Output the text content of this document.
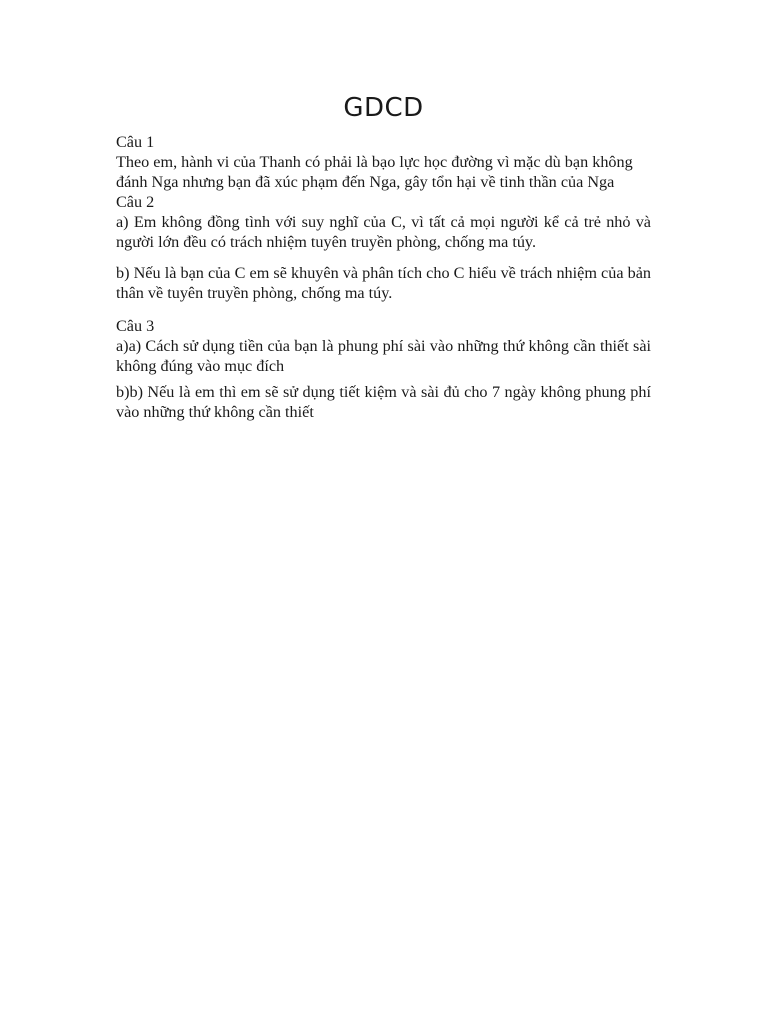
GDCD

Câu 1

Theo em, hành vi của Thanh có phải là bạo lực học đường vì mặc dù bạn không đánh Nga nhưng bạn đã xúc phạm đến Nga, gây tổn hại về tinh thần của Nga

Câu 2

a) Em không đồng tình với suy nghĩ của C, vì tất cả mọi người kể cả trẻ nhỏ và người lớn đều có trách nhiệm tuyên truyền phòng, chống ma túy.

b) Nếu là bạn của C em sẽ khuyên và phân tích cho C hiểu về trách nhiệm của bản thân về tuyên truyền phòng, chống ma túy.

Câu 3

a)a) Cách sử dụng tiền của bạn là phung phí sài vào những thứ không cần thiết sài không đúng vào mục đích

b)b) Nếu là em thì em sẽ sử dụng tiết kiệm và sài đủ cho 7 ngày không phung phí vào những thứ không cần thiết
